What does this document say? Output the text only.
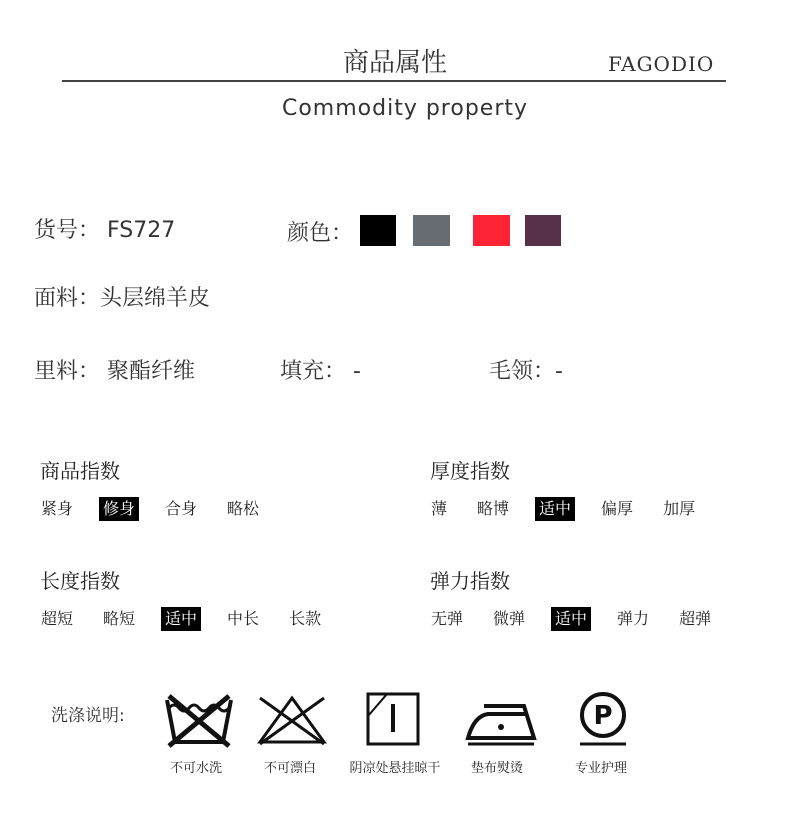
商品属性	FAGODIO
Commodity property
货号： FS727	颜色：
面料：头层绵羊皮
里料： 聚酯纤维	填充： -	毛领：-
商品指数
紧身 修身 合身 略松
厚度指数
薄 略博 适中 偏厚 加厚
长度指数
超短 略短 适中 中长 长款
弹力指数
无弹 微弹 适中 弹力 超弹
洗涤说明:	P
不可水洗	不可漂白	阴凉处悬挂晾干	垫布熨烫	专业护理
